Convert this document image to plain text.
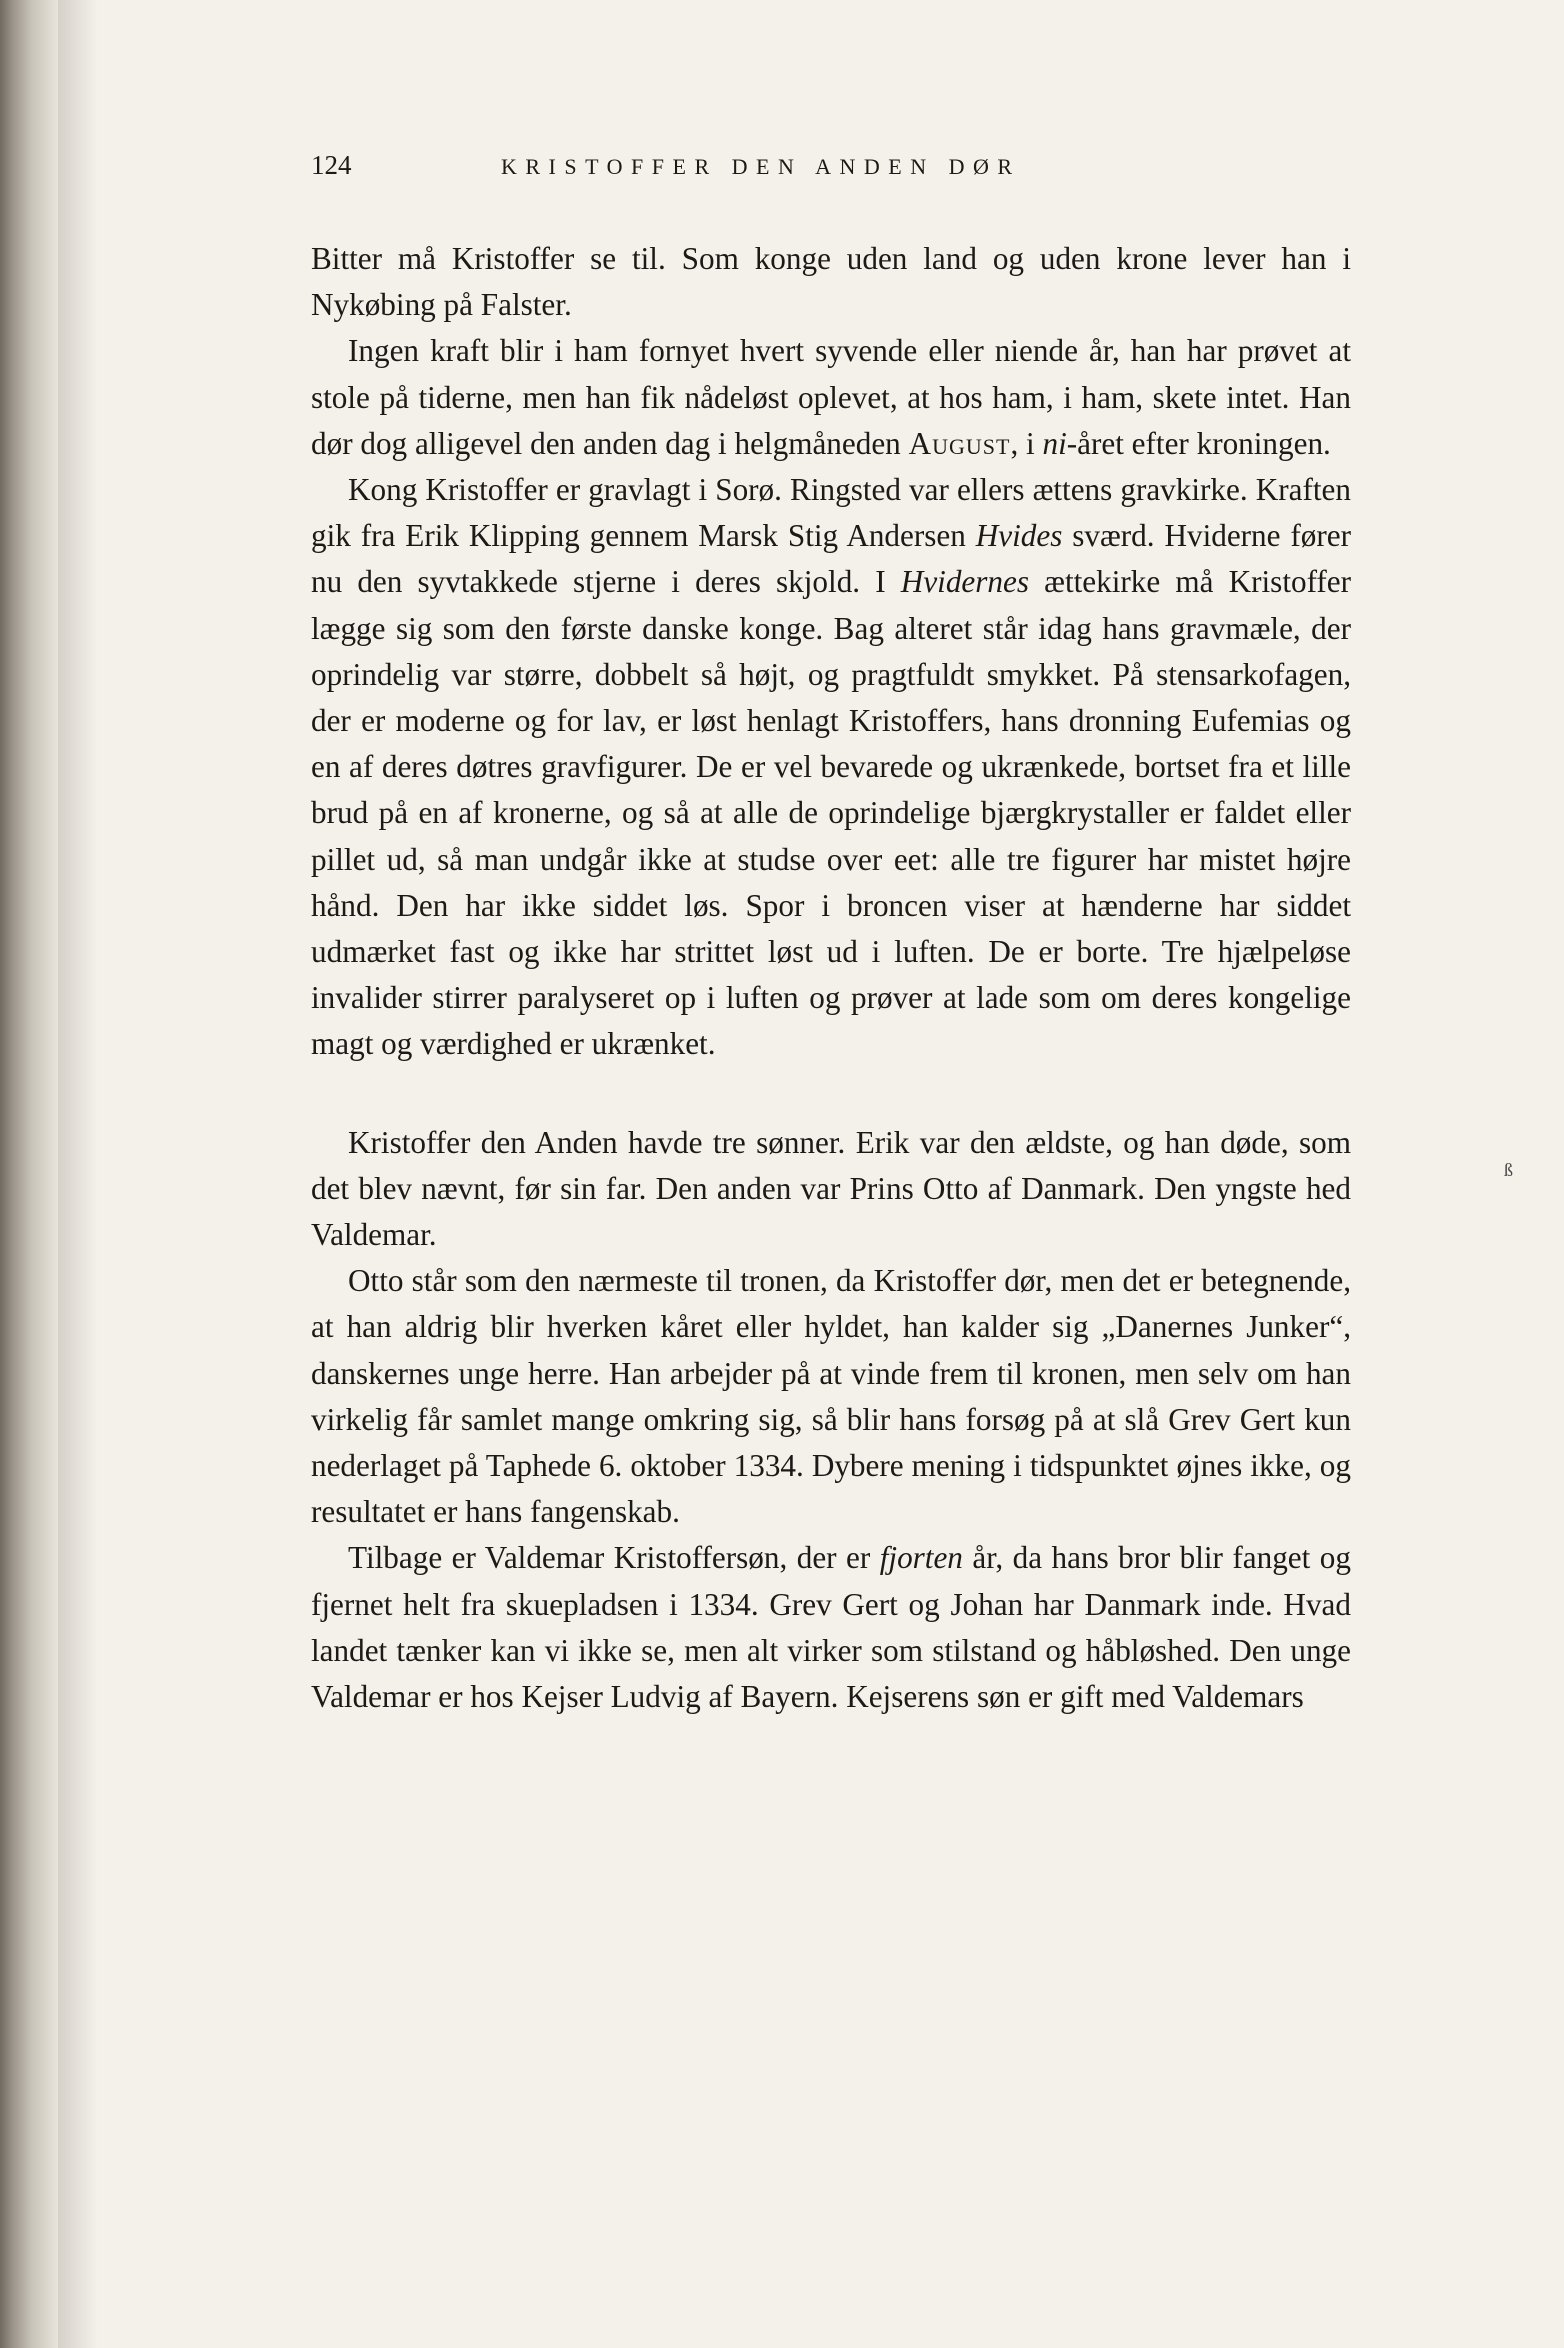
124	KRISTOFFER DEN ANDEN DØR

Bitter må Kristoffer se til. Som konge uden land og uden krone lever han i Nykøbing på Falster.

Ingen kraft blir i ham fornyet hvert syvende eller niende år, han har prøvet at stole på tiderne, men han fik nådeløst oplevet, at hos ham, i ham, skete intet. Han dør dog alligevel den anden dag i helgmåneden August, i ni-året efter kroningen.

Kong Kristoffer er gravlagt i Sorø. Ringsted var ellers ættens gravkirke. Kraften gik fra Erik Klipping gennem Marsk Stig Andersen Hvides sværd. Hviderne fører nu den syvtakkede stjerne i deres skjold. I Hvidernes ættekirke må Kristoffer lægge sig som den første danske konge. Bag alteret står idag hans gravmæle, der oprindelig var større, dobbelt så højt, og pragtfuldt smykket. På stensarkofagen, der er moderne og for lav, er løst henlagt Kristoffers, hans dronning Eufemias og en af deres døtres gravfigurer. De er vel bevarede og ukrænkede, bortset fra et lille brud på en af kronerne, og så at alle de oprindelige bjærgkrystaller er faldet eller pillet ud, så man undgår ikke at studse over eet: alle tre figurer har mistet højre hånd. Den har ikke siddet løs. Spor i broncen viser at hænderne har siddet udmærket fast og ikke har strittet løst ud i luften. De er borte. Tre hjælpeløse invalider stirrer paralyseret op i luften og prøver at lade som om deres kongelige magt og værdighed er ukrænket.

Kristoffer den Anden havde tre sønner. Erik var den ældste, og han døde, som det blev nævnt, før sin far. Den anden var Prins Otto af Danmark. Den yngste hed Valdemar.

Otto står som den nærmeste til tronen, da Kristoffer dør, men det er betegnende, at han aldrig blir hverken kåret eller hyldet, han kalder sig „Danernes Junker“, danskernes unge herre. Han arbejder på at vinde frem til kronen, men selv om han virkelig får samlet mange omkring sig, så blir hans forsøg på at slå Grev Gert kun nederlaget på Taphede 6. oktober 1334. Dybere mening i tidspunktet øjnes ikke, og resultatet er hans fangenskab.

Tilbage er Valdemar Kristoffersøn, der er fjorten år, da hans bror blir fanget og fjernet helt fra skuepladsen i 1334. Grev Gert og Johan har Danmark inde. Hvad landet tænker kan vi ikke se, men alt virker som stilstand og håbløshed. Den unge Valdemar er hos Kejser Ludvig af Bayern. Kejserens søn er gift med Valdemars

ß
